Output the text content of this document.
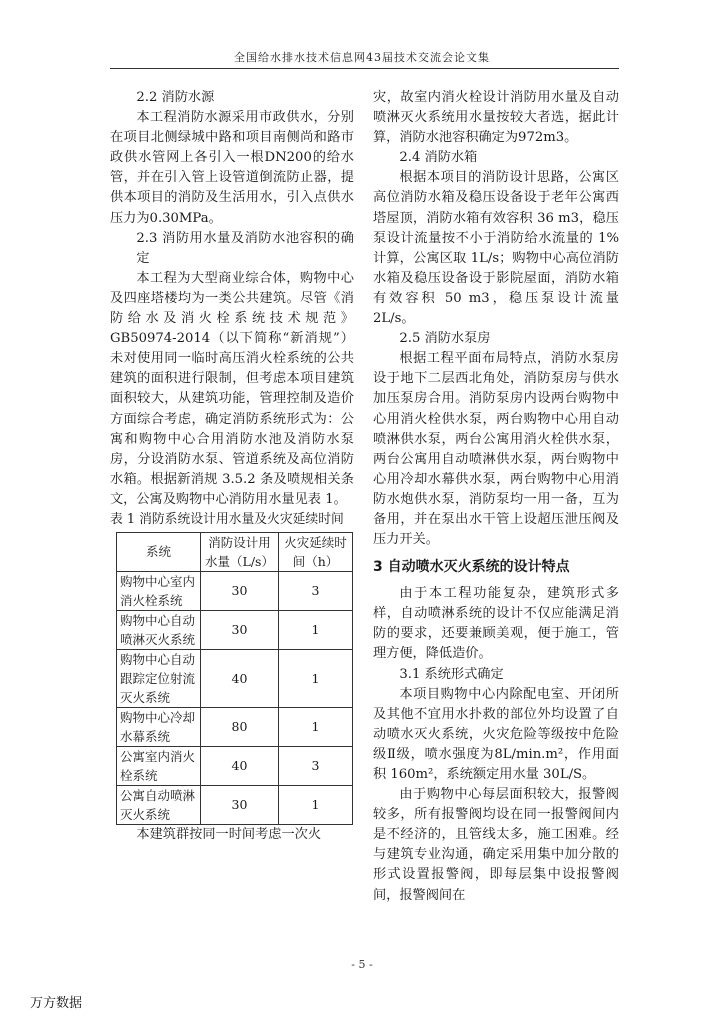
全国给水排水技术信息网43届技术交流会论文集

2.2 消防水源

本工程消防水源采用市政供水，分别在项目北侧绿城中路和项目南侧尚和路市政供水管网上各引入一根DN200的给水管，并在引入管上设管道倒流防止器，提供本项目的消防及生活用水，引入点供水压力为0.30MPa。

2.3 消防用水量及消防水池容积的确定

本工程为大型商业综合体，购物中心及四座塔楼均为一类公共建筑。尽管《消防给水及消火栓系统技术规范》GB50974-2014（以下简称“新消规”）未对使用同一临时高压消火栓系统的公共建筑的面积进行限制，但考虑本项目建筑面积较大，从建筑功能，管理控制及造价方面综合考虑，确定消防系统形式为：公寓和购物中心合用消防水池及消防水泵房，分设消防水泵、管道系统及高位消防水箱。根据新消规 3.5.2 条及喷规相关条文，公寓及购物中心消防用水量见表 1。

表 1 消防系统设计用水量及火灾延续时间

系统	消防设计用水量（L/s）	火灾延续时间（h）
购物中心室内消火栓系统	30	3
购物中心自动喷淋灭火系统	30	1
购物中心自动跟踪定位射流灭火系统	40	1
购物中心冷却水幕系统	80	1
公寓室内消火栓系统	40	3
公寓自动喷淋灭火系统	30	1

本建筑群按同一时间考虑一次火

灾，故室内消火栓设计消防用水量及自动喷淋灭火系统用水量按较大者选，据此计算，消防水池容积确定为972m3。

2.4 消防水箱

根据本项目的消防设计思路，公寓区高位消防水箱及稳压设备设于老年公寓西塔屋顶，消防水箱有效容积 36 m3，稳压泵设计流量按不小于消防给水流量的 1%计算，公寓区取 1L/s；购物中心高位消防水箱及稳压设备设于影院屋面，消防水箱有效容积 50 m3，稳压泵设计流量 2L/s。

2.5 消防水泵房

根据工程平面布局特点，消防水泵房设于地下二层西北角处，消防泵房与供水加压泵房合用。消防泵房内设两台购物中心用消火栓供水泵，两台购物中心用自动喷淋供水泵，两台公寓用消火栓供水泵，两台公寓用自动喷淋供水泵，两台购物中心用冷却水幕供水泵，两台购物中心用消防水炮供水泵，消防泵均一用一备，互为备用，并在泵出水干管上设超压泄压阀及压力开关。

3 自动喷水灭火系统的设计特点

由于本工程功能复杂，建筑形式多样，自动喷淋系统的设计不仅应能满足消防的要求，还要兼顾美观，便于施工，管理方便，降低造价。

3.1 系统形式确定

本项目购物中心内除配电室、开闭所及其他不宜用水扑救的部位外均设置了自动喷水灭火系统，火灾危险等级按中危险级Ⅱ级，喷水强度为8L/min.m²，作用面积 160m²，系统额定用水量 30L/S。

由于购物中心每层面积较大，报警阀较多，所有报警阀均设在同一报警阀间内是不经济的，且管线太多，施工困难。经与建筑专业沟通，确定采用集中加分散的形式设置报警阀，即每层集中设报警阀间，报警阀间在

- 5 -
万方数据
